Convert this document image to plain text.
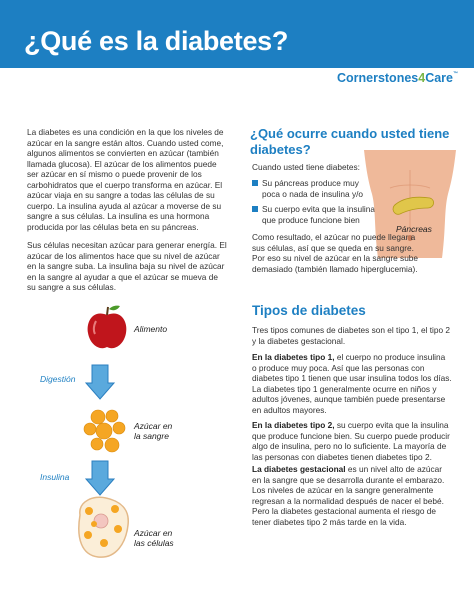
¿Qué es la diabetes?
Cornerstones4Care™

La diabetes es una condición en la que los niveles de azúcar en la sangre están altos. Cuando usted come, algunos alimentos se convierten en azúcar (también llamada glucosa). El azúcar de los alimentos puede ser azúcar en sí mismo o puede provenir de los carbohidratos que el cuerpo transforma en azúcar. El azúcar viaja en su sangre a todas las células de su cuerpo. La insulina ayuda al azúcar a moverse de su sangre a sus células. La insulina es una hormona producida por las células beta en su páncreas.

Sus células necesitan azúcar para generar energía. El azúcar de los alimentos hace que su nivel de azúcar en la sangre suba. La insulina baja su nivel de azúcar en la sangre al ayudar a que el azúcar se mueva de su sangre a sus células.

Alimento
Digestión
Azúcar en
la sangre
Insulina
Azúcar en
las células
¿Qué ocurre cuando usted tiene diabetes?

Cuando usted tiene diabetes:

Su páncreas produce muy poca o nada de insulina y/o
Su cuerpo evita que la insulina que produce funcione bien
Páncreas

Como resultado, el azúcar no puede llegar a sus células, así que se queda en su sangre. Por eso su nivel de azúcar en la sangre sube demasiado (también llamado hiperglucemia).

Tipos de diabetes

Tres tipos comunes de diabetes son el tipo 1, el tipo 2 y la diabetes gestacional.

En la diabetes tipo 1, el cuerpo no produce insulina o produce muy poca. Así que las personas con diabetes tipo 1 tienen que usar insulina todos los días. La diabetes tipo 1 generalmente ocurre en niños y adultos jóvenes, aunque también puede presentarse en adultos mayores.

En la diabetes tipo 2, su cuerpo evita que la insulina que produce funcione bien. Su cuerpo puede producir algo de insulina, pero no lo suficiente. La mayoría de las personas con diabetes tienen diabetes tipo 2.

La diabetes gestacional es un nivel alto de azúcar en la sangre que se desarrolla durante el embarazo. Los niveles de azúcar en la sangre generalmente regresan a la normalidad después de nacer el bebé. Pero la diabetes gestacional aumenta el riesgo de tener diabetes tipo 2 más tarde en la vida.
